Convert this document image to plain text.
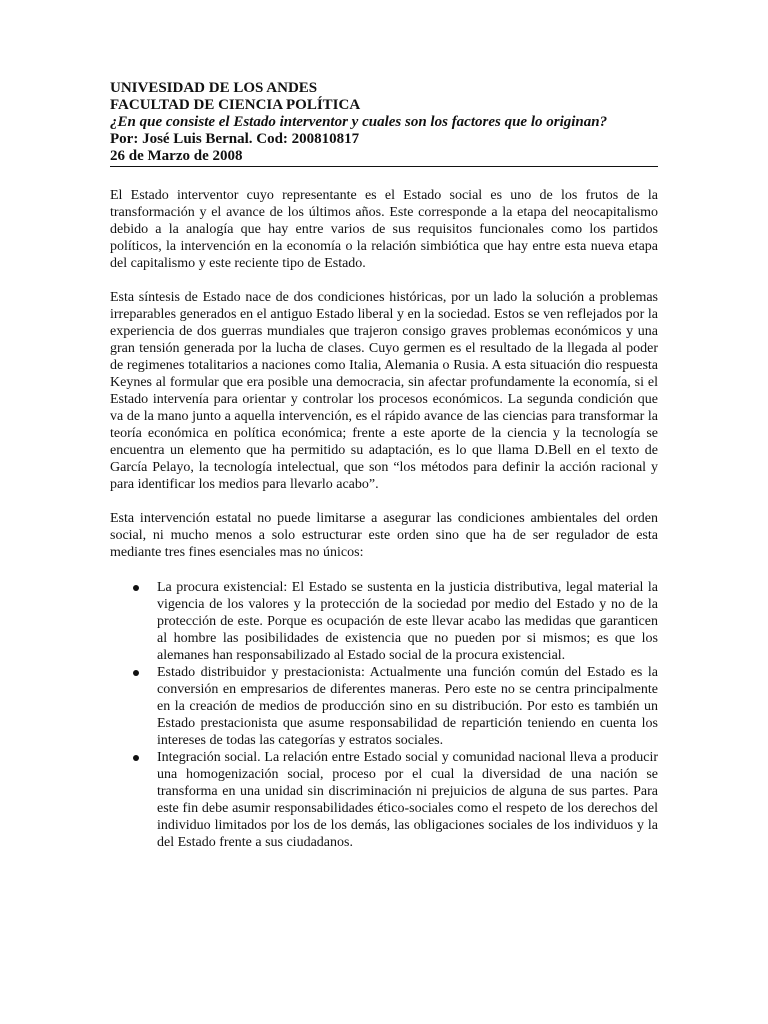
UNIVESIDAD DE LOS ANDES
FACULTAD DE CIENCIA POLÍTICA
¿En que consiste el Estado interventor y cuales son los factores que lo originan?
Por: José Luis Bernal. Cod: 200810817
26 de Marzo de 2008

El Estado interventor cuyo representante es el Estado social es uno de los frutos de la transformación y el avance de los últimos años. Este corresponde a la etapa del neocapitalismo debido a la analogía que hay entre varios de sus requisitos funcionales como los partidos políticos, la intervención en la economía o la relación simbiótica que hay entre esta nueva etapa del capitalismo y este reciente tipo de Estado.

Esta síntesis de Estado nace de dos condiciones históricas, por un lado la solución a problemas irreparables generados en el antiguo Estado liberal y en la sociedad. Estos se ven reflejados por la experiencia de dos guerras mundiales que trajeron consigo graves problemas económicos y una gran tensión generada por la lucha de clases. Cuyo germen es el resultado de la llegada al poder de regimenes totalitarios a naciones como Italia, Alemania o Rusia. A esta situación dio respuesta Keynes al formular que era posible una democracia, sin afectar profundamente la economía, si el Estado intervenía para orientar y controlar los procesos económicos. La segunda condición que va de la mano junto a aquella intervención, es el rápido avance de las ciencias para transformar la teoría económica en política económica; frente a este aporte de la ciencia y la tecnología se encuentra un elemento que ha permitido su adaptación, es lo que llama D.Bell en el texto de García Pelayo, la tecnología intelectual, que son “los métodos para definir la acción racional y para identificar los medios para llevarlo acabo”.

Esta intervención estatal no puede limitarse a asegurar las condiciones ambientales del orden social, ni mucho menos a solo estructurar este orden sino que ha de ser regulador de esta mediante tres fines esenciales mas no únicos:

La procura existencial: El Estado se sustenta en la justicia distributiva, legal material la vigencia de los valores y la protección de la sociedad por medio del Estado y no de la protección de este. Porque es ocupación de este llevar acabo las medidas que garanticen al hombre las posibilidades de existencia que no pueden por si mismos; es que los alemanes han responsabilizado al Estado social de la procura existencial.
Estado distribuidor y prestacionista: Actualmente una función común del Estado es la conversión en empresarios de diferentes maneras. Pero este no se centra principalmente en la creación de medios de producción sino en su distribución. Por esto es también un Estado prestacionista que asume responsabilidad de repartición teniendo en cuenta los intereses de todas las categorías y estratos sociales.
Integración social. La relación entre Estado social y comunidad nacional lleva a producir una homogenización social, proceso por el cual la diversidad de una nación se transforma en una unidad sin discriminación ni prejuicios de alguna de sus partes. Para este fin debe asumir responsabilidades ético-sociales como el respeto de los derechos del individuo limitados por los de los demás, las obligaciones sociales de los individuos y la del Estado frente a sus ciudadanos.
